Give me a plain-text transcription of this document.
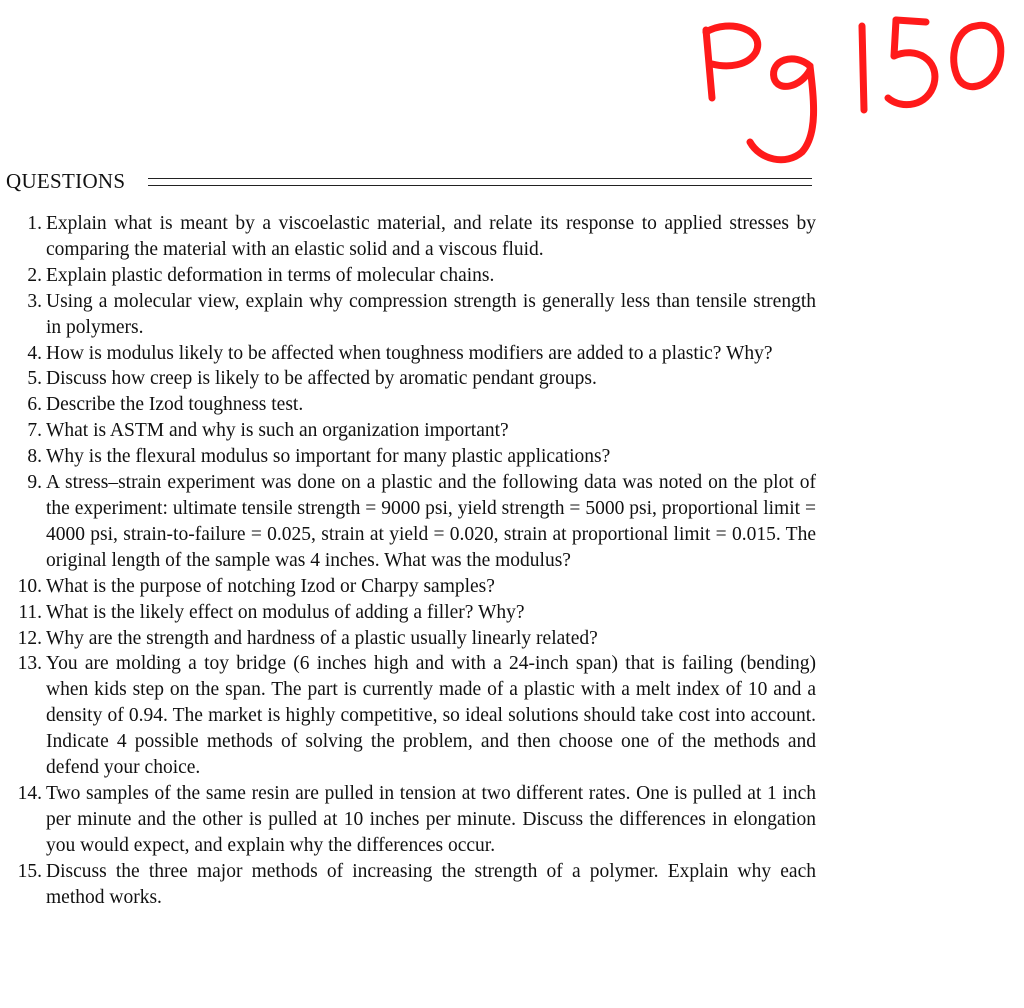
QUESTIONS
1. Explain what is meant by a viscoelastic material, and relate its response to applied stresses by comparing the material with an elastic solid and a viscous fluid.
2. Explain plastic deformation in terms of molecular chains.
3. Using a molecular view, explain why compression strength is generally less than tensile strength in polymers.
4. How is modulus likely to be affected when toughness modifiers are added to a plastic? Why?
5. Discuss how creep is likely to be affected by aromatic pendant groups.
6. Describe the Izod toughness test.
7. What is ASTM and why is such an organization important?
8. Why is the flexural modulus so important for many plastic applications?
9. A stress–strain experiment was done on a plastic and the following data was noted on the plot of the experiment: ultimate tensile strength = 9000 psi, yield strength = 5000 psi, proportional limit = 4000 psi, strain-to-failure = 0.025, strain at yield = 0.020, strain at proportional limit = 0.015. The original length of the sample was 4 inches. What was the modulus?
10. What is the purpose of notching Izod or Charpy samples?
11. What is the likely effect on modulus of adding a filler? Why?
12. Why are the strength and hardness of a plastic usually linearly related?
13. You are molding a toy bridge (6 inches high and with a 24-inch span) that is failing (bending) when kids step on the span. The part is currently made of a plastic with a melt index of 10 and a density of 0.94. The market is highly competitive, so ideal solutions should take cost into account. Indicate 4 possible methods of solving the problem, and then choose one of the methods and defend your choice.
14. Two samples of the same resin are pulled in tension at two different rates. One is pulled at 1 inch per minute and the other is pulled at 10 inches per minute. Discuss the differences in elongation you would expect, and explain why the differences occur.
15. Discuss the three major methods of increasing the strength of a polymer. Explain why each method works.
